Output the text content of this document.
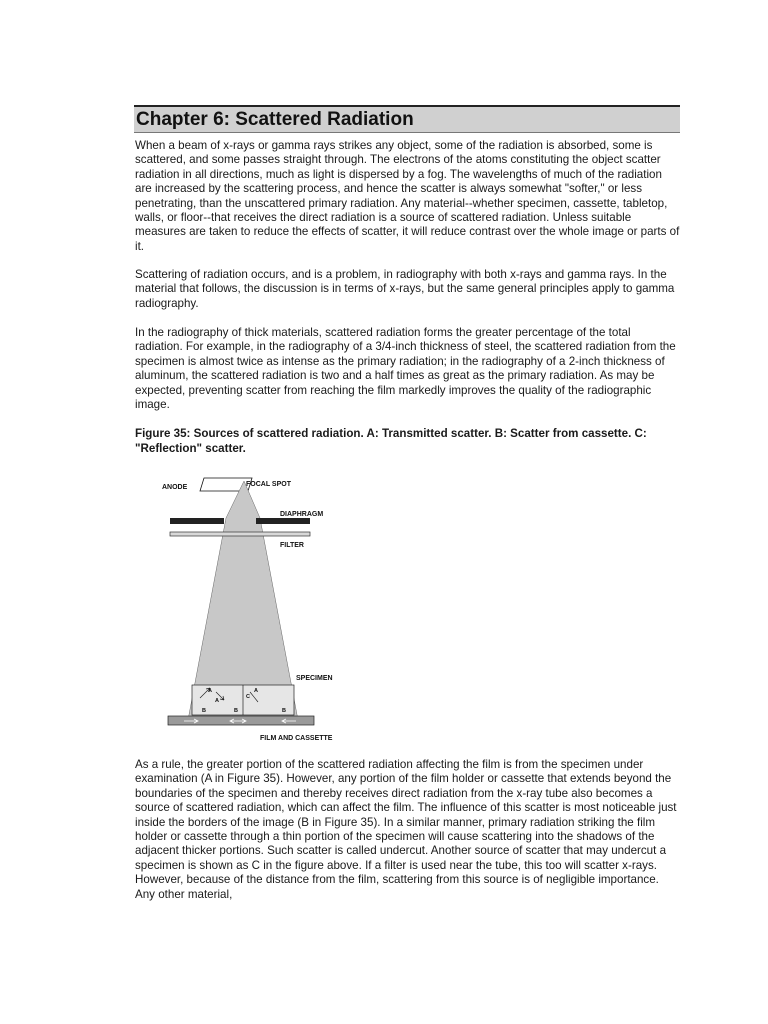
Chapter 6: Scattered Radiation

When a beam of x-rays or gamma rays strikes any object, some of the radiation is absorbed, some is scattered, and some passes straight through. The electrons of the atoms constituting the object scatter radiation in all directions, much as light is dispersed by a fog. The wavelengths of much of the radiation are increased by the scattering process, and hence the scatter is always somewhat "softer," or less penetrating, than the unscattered primary radiation. Any material--whether specimen, cassette, tabletop, walls, or floor--that receives the direct radiation is a source of scattered radiation. Unless suitable measures are taken to reduce the effects of scatter, it will reduce contrast over the whole image or parts of it.

Scattering of radiation occurs, and is a problem, in radiography with both x-rays and gamma rays. In the material that follows, the discussion is in terms of x-rays, but the same general principles apply to gamma radiography.

In the radiography of thick materials, scattered radiation forms the greater percentage of the total radiation. For example, in the radiography of a 3/4-inch thickness of steel, the scattered radiation from the specimen is almost twice as intense as the primary radiation; in the radiography of a 2-inch thickness of aluminum, the scattered radiation is two and a half times as great as the primary radiation. As may be expected, preventing scatter from reaching the film markedly improves the quality of the radiographic image.

Figure 35: Sources of scattered radiation. A: Transmitted scatter. B: Scatter from cassette. C: "Reflection" scatter.

ANODE	FOCAL SPOT
DIAPHRAGM
FILTER
SPECIMEN
A
A
C
A
B	B	B
FILM AND CASSETTE

As a rule, the greater portion of the scattered radiation affecting the film is from the specimen under examination (A in Figure 35). However, any portion of the film holder or cassette that extends beyond the boundaries of the specimen and thereby receives direct radiation from the x-ray tube also becomes a source of scattered radiation, which can affect the film. The influence of this scatter is most noticeable just inside the borders of the image (B in Figure 35). In a similar manner, primary radiation striking the film holder or cassette through a thin portion of the specimen will cause scattering into the shadows of the adjacent thicker portions. Such scatter is called undercut. Another source of scatter that may undercut a specimen is shown as C in the figure above. If a filter is used near the tube, this too will scatter x-rays. However, because of the distance from the film, scattering from this source is of negligible importance. Any other material,
